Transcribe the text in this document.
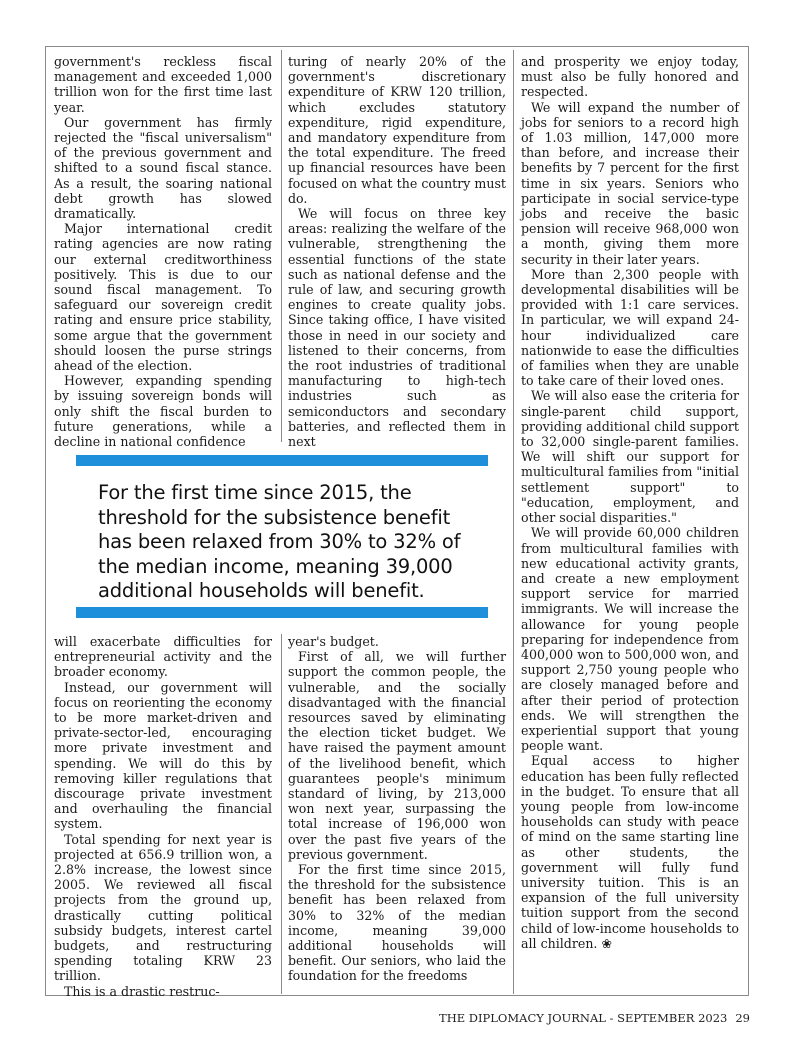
government's reckless fiscal management and exceeded 1,000 trillion won for the first time last year.

Our government has firmly rejected the "fiscal universalism" of the previous government and shifted to a sound fiscal stance. As a result, the soaring national debt growth has slowed dramatically.

Major international credit rating agencies are now rating our external creditworthiness positively. This is due to our sound fiscal management. To safeguard our sovereign credit rating and ensure price stability, some argue that the government should loosen the purse strings ahead of the election.

However, expanding spending by issuing sovereign bonds will only shift the fiscal burden to future generations, while a decline in national confidence

turing of nearly 20% of the government's discretionary expenditure of KRW 120 trillion, which excludes statutory expenditure, rigid expenditure, and mandatory expenditure from the total expenditure. The freed up financial resources have been focused on what the country must do.

We will focus on three key areas: realizing the welfare of the vulnerable, strengthening the essential functions of the state such as national defense and the rule of law, and securing growth engines to create quality jobs. Since taking office, I have visited those in need in our society and listened to their concerns, from the root industries of traditional manufacturing to high-tech industries such as semiconductors and secondary batteries, and reflected them in next

For the first time since 2015, the threshold for the subsistence benefit has been relaxed from 30% to 32% of the median income, meaning 39,000 additional households will benefit.

will exacerbate difficulties for entrepreneurial activity and the broader economy.

Instead, our government will focus on reorienting the economy to be more market-driven and private-sector-led, encouraging more private investment and spending. We will do this by removing killer regulations that discourage private investment and overhauling the financial system.

Total spending for next year is projected at 656.9 trillion won, a 2.8% increase, the lowest since 2005. We reviewed all fiscal projects from the ground up, drastically cutting political subsidy budgets, interest cartel budgets, and restructuring spending totaling KRW 23 trillion.

This is a drastic restruc-

year's budget.

First of all, we will further support the common people, the vulnerable, and the socially disadvantaged with the financial resources saved by eliminating the election ticket budget. We have raised the payment amount of the livelihood benefit, which guarantees people's minimum standard of living, by 213,000 won next year, surpassing the total increase of 196,000 won over the past five years of the previous government.

For the first time since 2015, the threshold for the subsistence benefit has been relaxed from 30% to 32% of the median income, meaning 39,000 additional households will benefit. Our seniors, who laid the foundation for the freedoms

and prosperity we enjoy today, must also be fully honored and respected.

We will expand the number of jobs for seniors to a record high of 1.03 million, 147,000 more than before, and increase their benefits by 7 percent for the first time in six years. Seniors who participate in social service-type jobs and receive the basic pension will receive 968,000 won a month, giving them more security in their later years.

More than 2,300 people with developmental disabilities will be provided with 1:1 care services. In particular, we will expand 24-hour individualized care nationwide to ease the difficulties of families when they are unable to take care of their loved ones.

We will also ease the criteria for single-parent child support, providing additional child support to 32,000 single-parent families. We will shift our support for multicultural families from "initial settlement support" to "education, employment, and other social disparities."

We will provide 60,000 children from multicultural families with new educational activity grants, and create a new employment support service for married immigrants. We will increase the allowance for young people preparing for independence from 400,000 won to 500,000 won, and support 2,750 young people who are closely managed before and after their period of protection ends. We will strengthen the experiential support that young people want.

Equal access to higher education has been fully reflected in the budget. To ensure that all young people from low-income households can study with peace of mind on the same starting line as other students, the government will fully fund university tuition. This is an expansion of the full university tuition support from the second child of low-income households to all children. ❀

THE DIPLOMACY JOURNAL - SEPTEMBER 2023 29
